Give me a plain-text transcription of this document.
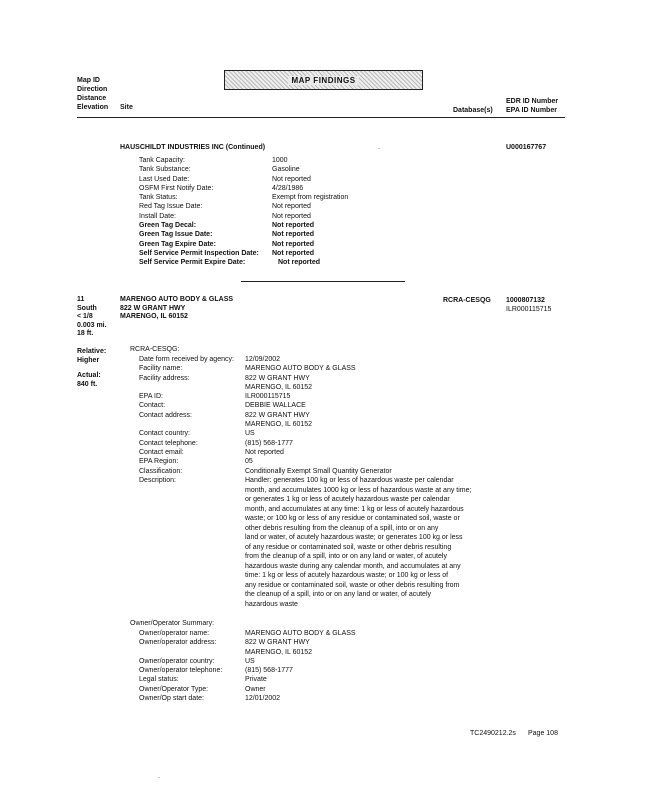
Map ID
Direction
Distance
Elevation Site
MAP FINDINGS
Database(s)
EDR ID Number
EPA ID Number
HAUSCHILDT INDUSTRIES INC (Continued)	.	U000167767
Tank Capacity:	1000
Tank Substance:	Gasoline
Last Used Date:	Not reported
OSFM First Notify Date:	4/28/1986
Tank Status:	Exempt from registration
Red Tag Issue Date:	Not reported
Install Date:	Not reported
Green Tag Decal:	Not reported
Green Tag Issue Date:	Not reported
Green Tag Expire Date:	Not reported
Self Service Permit Inspection Date:	Not reported
Self Service Permit Expire Date:	Not reported
11
South
< 1/8
0.003 mi.
18 ft.
MARENGO AUTO BODY & GLASS
822 W GRANT HWY
MARENGO, IL 60152
RCRA-CESQG 1000807132
ILR000115715
Relative:
Higher
Actual:
840 ft.
RCRA-CESQG:
Date form received by agency:	12/09/2002
Facility name:	MARENGO AUTO BODY & GLASS
Facility address:	822 W GRANT HWY
MARENGO, IL 60152
EPA ID:	ILR000115715
Contact:	DEBBIE WALLACE
Contact address:	822 W GRANT HWY
MARENGO, IL 60152
Contact country:	US
Contact telephone:	(815) 568-1777
Contact email:	Not reported
EPA Region:	05
Classification:	Conditionally Exempt Small Quantity Generator
Description:	Handler: generates 100 kg or less of hazardous waste per calendar
month, and accumulates 1000 kg or less of hazardous waste at any time;
or generates 1 kg or less of acutely hazardous waste per calendar
month, and accumulates at any time: 1 kg or less of acutely hazardous
waste; or 100 kg or less of any residue or contaminated soil, waste or
other debris resulting from the cleanup of a spill, into or on any
land or water, of acutely hazardous waste; or generates 100 kg or less
of any residue or contaminated soil, waste or other debris resulting
from the cleanup of a spill, into or on any land or water, of acutely
hazardous waste during any calendar month, and accumulates at any
time: 1 kg or less of acutely hazardous waste; or 100 kg or less of
any residue or contaminated soil, waste or other debris resulting from
the cleanup of a spill, into or on any land or water, of acutely
hazardous waste
Owner/Operator Summary:
Owner/operator name:	MARENGO AUTO BODY & GLASS
Owner/operator address:	822 W GRANT HWY
MARENGO, IL 60152
Owner/operator country:	US
Owner/operator telephone:	(815) 568-1777
Legal status:	Private
Owner/Operator Type:	Owner
Owner/Op start date:	12/01/2002
TC2490212.2s Page 108
.
